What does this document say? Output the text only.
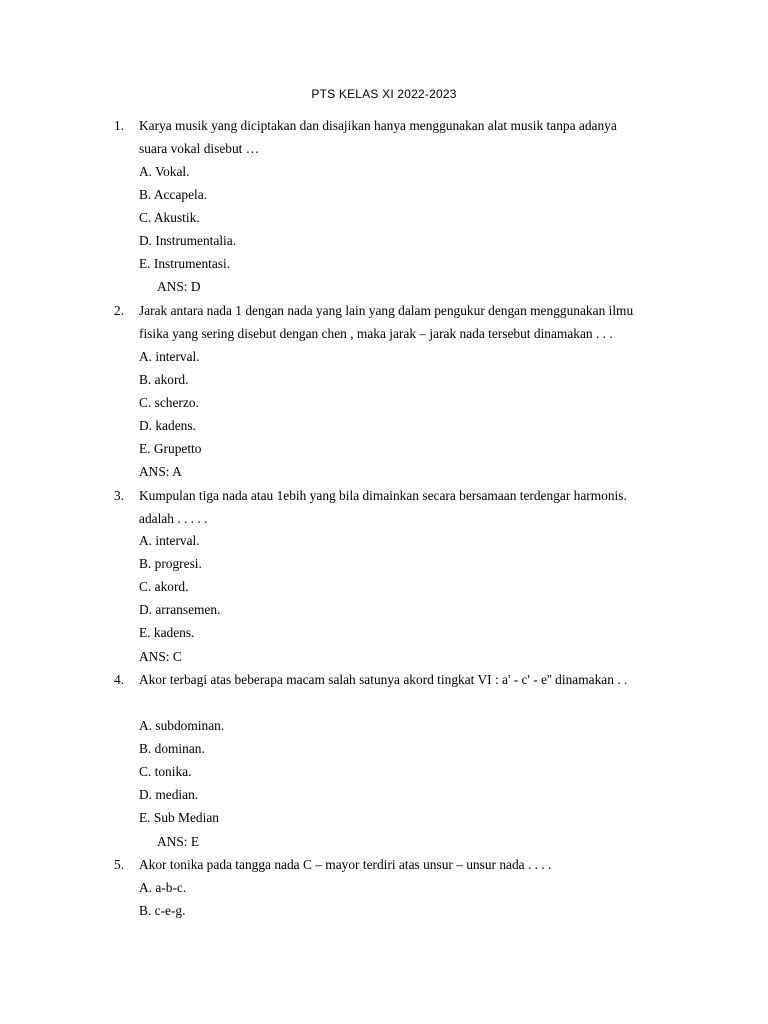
PTS KELAS XI 2022-2023
1. Karya musik yang diciptakan dan disajikan hanya menggunakan alat musik tanpa adanya
suara vokal disebut …
A. Vokal.
B. Accapela.
C. Akustik.
D. Instrumentalia.
E. Instrumentasi.
ANS: D
2. Jarak antara nada 1 dengan nada yang lain yang dalam pengukur dengan menggunakan ilmu
fisika yang sering disebut dengan chen , maka jarak – jarak nada tersebut dinamakan . . .
A. interval.
B. akord.
C. scherzo.
D. kadens.
E. Grupetto
ANS: A
3. Kumpulan tiga nada atau 1ebih yang bila dimainkan secara bersamaan terdengar harmonis.
adalah . . . . .
A. interval.
B. progresi.
C. akord.
D. arransemen.
E. kadens.
ANS: C
4. Akor terbagi atas beberapa macam salah satunya akord tingkat VI : a' - c' - e'' dinamakan . .
A. subdominan.
B. dominan.
C. tonika.
D. median.
E. Sub Median
ANS: E
5. Akor tonika pada tangga nada C – mayor terdiri atas unsur – unsur nada . . . .
A. a-b-c.
B. c-e-g.
